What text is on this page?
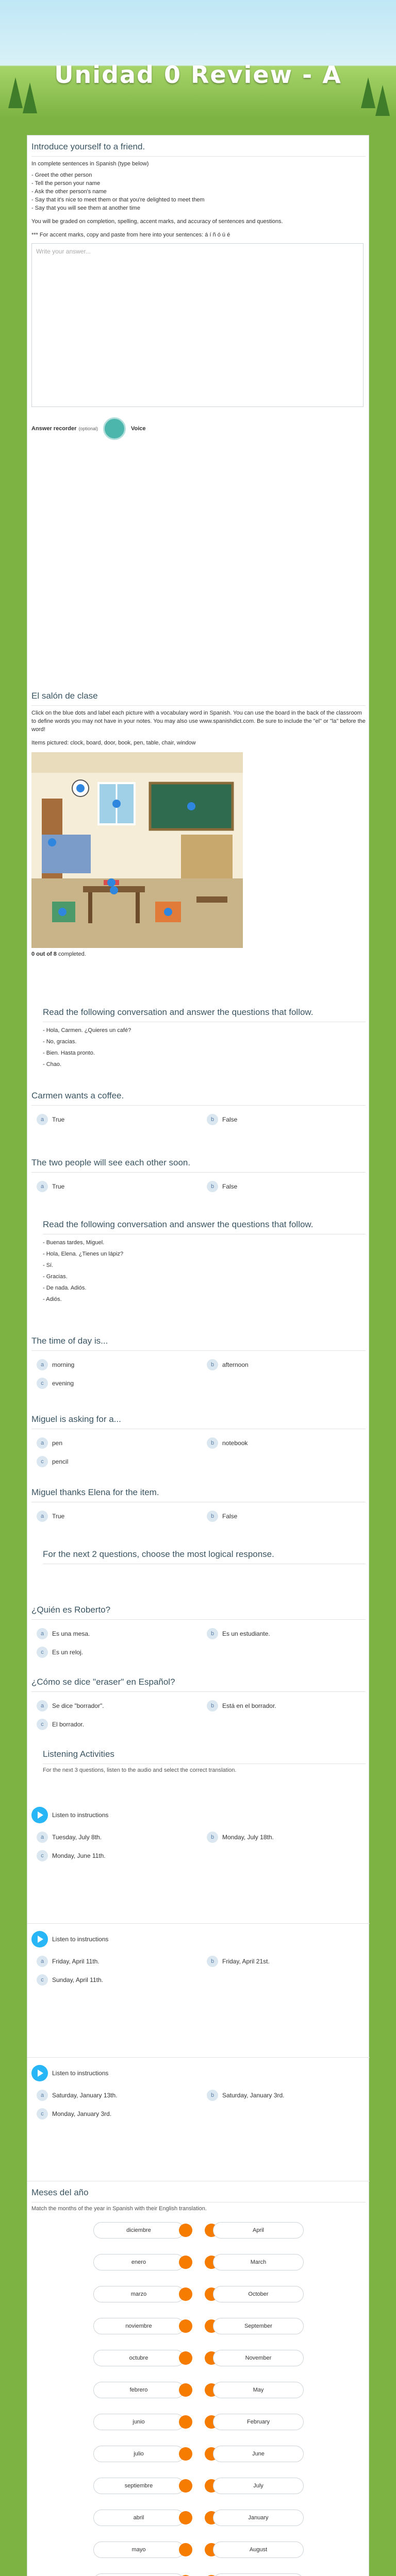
Unidad 0 Review - A
Introduce yourself to a friend.
In complete sentences in Spanish (type below)
- Greet the other person
- Tell the person your name
- Ask the other person's name
- Say that it's nice to meet them or that you're delighted to meet them
- Say that you will see them at another time

You will be graded on completion, spelling, accent marks, and accuracy of sentences and questions.

*** For accent marks, copy and paste from here into your sentences: á í ñ ó ú é

Write your answer...
Answer recorder (optional)	Voice
El salón de clase

Click on the blue dots and label each picture with a vocabulary word in Spanish. You can use the board in the back of the classroom to define words you may not have in your notes. You may also use www.spanishdict.com. Be sure to include the "el" or "la" before the word!

Items pictured: clock, board, door, book, pen, table, chair, window

0 out of 8 completed.
Read the following conversation and answer the questions that follow.
- Hola, Carmen. ¿Quieres un café?
- No, gracias.
- Bien. Hasta pronto.
- Chao.
Carmen wants a coffee.
a	True	b	False
The two people will see each other soon.
a	True	b	False
Read the following conversation and answer the questions that follow.
- Buenas tardes, Miguel.
- Hola, Elena. ¿Tienes un lápiz?
- Sí.
- Gracias.
- De nada. Adiós.
- Adiós.
The time of day is...
a	morning	b	afternoon
c	evening
Miguel is asking for a...
a	pen	b	notebook
c	pencil
Miguel thanks Elena for the item.
a	True	b	False
For the next 2 questions, choose the most logical response.
¿Quién es Roberto?
a	Es una mesa.	b	Es un estudiante.
c	Es un reloj.
¿Cómo se dice "eraser" en Español?
a	Se dice "borrador".	b	Está en el borrador.
c	El borrador.
Listening Activities
For the next 3 questions, listen to the audio and select the correct translation.
Listen to instructions
a	Tuesday, July 8th.	b	Monday, July 18th.
c	Monday, June 11th.
Listen to instructions
a	Friday, April 11th.	b	Friday, April 21st.
c	Sunday, April 11th.
Listen to instructions
a	Saturday, January 13th.	b	Saturday, January 3rd.
c	Monday, January 3rd.
Meses del año
Match the months of the year in Spanish with their English translation.
diciembre	April
enero	March
marzo	October
noviembre	September
octubre	November
febrero	May
junio	February
julio	June
septiembre	July
abril	January
mayo	August
